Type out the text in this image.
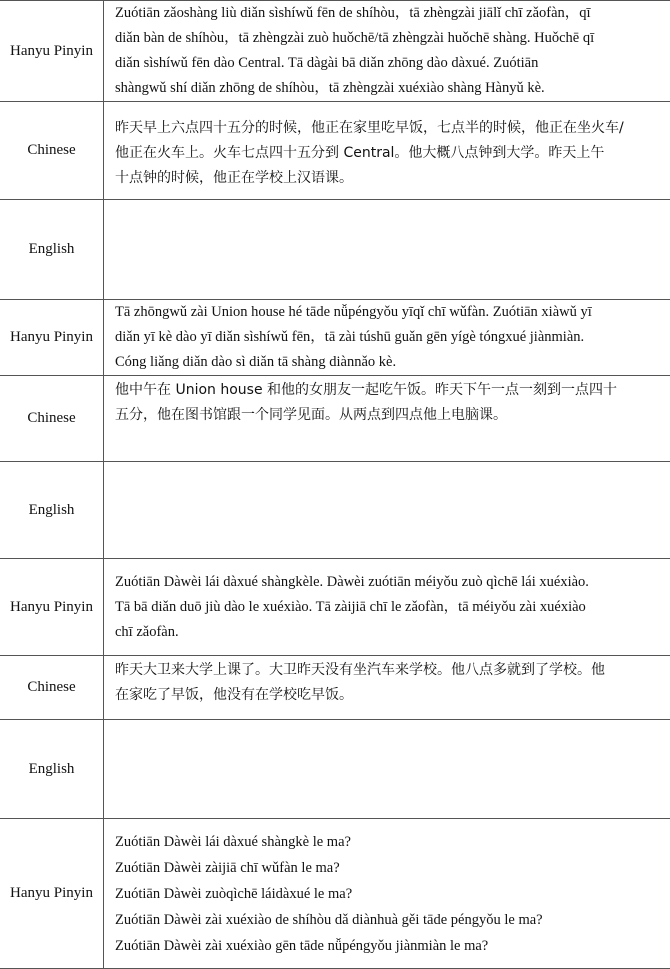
Hanyu Pinyin	Zuótiān zǎoshàng liù diǎn sìshíwǔ fēn de shíhòu，tā zhèngzài jiālǐ chī zǎofàn，qī
diǎn bàn de shíhòu，tā zhèngzài zuò huǒchē/tā zhèngzài huǒchē shàng. Huǒchē qī
diǎn sìshíwǔ fēn dào Central. Tā dàgài bā diǎn zhōng dào dàxué. Zuótiān
shàngwǔ shí diǎn zhōng de shíhòu，tā zhèngzài xuéxiào shàng Hànyǔ kè.

Chinese	昨天早上六点四十五分的时候，他正在家里吃早饭，七点半的时候，他正在坐火车/
他正在火车上。火车七点四十五分到 Central。他大概八点钟到大学。昨天上午
十点钟的时候，他正在学校上汉语课。

English	
Hanyu Pinyin	Tā zhōngwǔ zài Union house hé tāde nǚpéngyǒu yīqǐ chī wǔfàn. Zuótiān xiàwǔ yī
diǎn yī kè dào yī diǎn sìshíwǔ fēn，tā zài túshū guǎn gēn yígè tóngxué jiànmiàn.
Cóng liǎng diǎn dào sì diǎn tā shàng diànnǎo kè.

Chinese	他中午在 Union house 和他的女朋友一起吃午饭。昨天下午一点一刻到一点四十
五分，他在图书馆跟一个同学见面。从两点到四点他上电脑课。

English	
Hanyu Pinyin	Zuótiān Dàwèi lái dàxué shàngkèle. Dàwèi zuótiān méiyǒu zuò qìchē lái xuéxiào.
Tā bā diǎn duō jiù dào le xuéxiào. Tā zàijiā chī le zǎofàn，tā méiyǒu zài xuéxiào
chī zǎofàn.

Chinese	昨天大卫来大学上课了。大卫昨天没有坐汽车来学校。他八点多就到了学校。他
在家吃了早饭，他没有在学校吃早饭。

English	
Hanyu Pinyin	Zuótiān Dàwèi lái dàxué shàngkè le ma?
Zuótiān Dàwèi zàijiā chī wǔfàn le ma?
Zuótiān Dàwèi zuòqìchē láidàxué le ma?
Zuótiān Dàwèi zài xuéxiào de shíhòu dǎ diànhuà gěi tāde péngyǒu le ma?
Zuótiān Dàwèi zài xuéxiào gēn tāde nǚpéngyǒu jiànmiàn le ma?
